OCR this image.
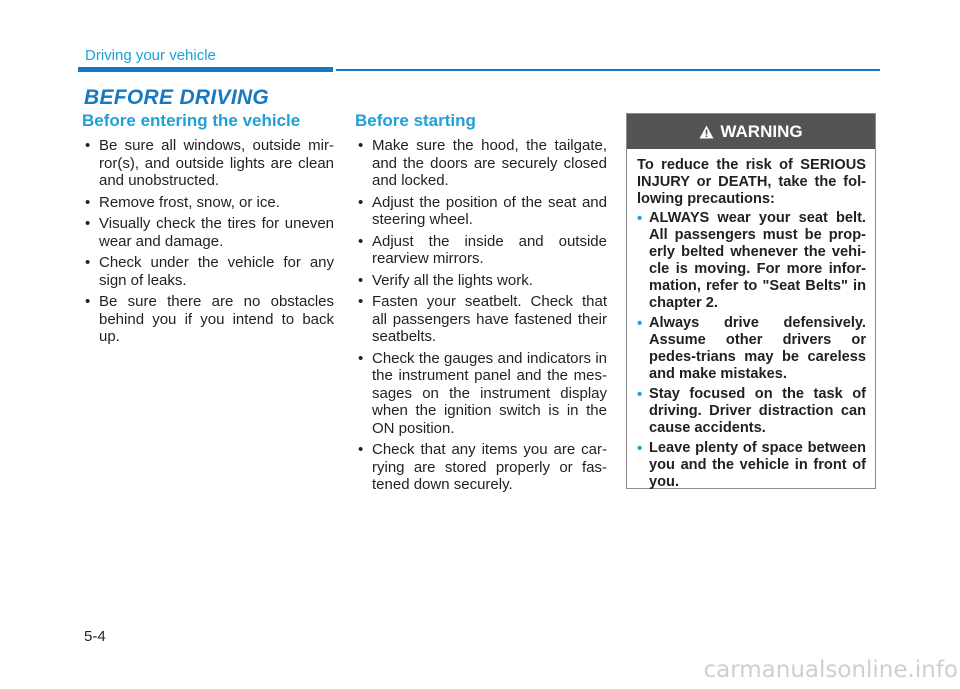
Driving your vehicle
BEFORE DRIVING
Before entering the vehicle
• Be sure all windows, outside mir-ror(s), and outside lights are clean and unobstructed.
• Remove frost, snow, or ice.
• Visually check the tires for uneven wear and damage.
• Check under the vehicle for any sign of leaks.
• Be sure there are no obstacles behind you if you intend to back up.
Before starting
• Make sure the hood, the tailgate, and the doors are securely closed and locked.
• Adjust the position of the seat and steering wheel.
• Adjust the inside and outside rearview mirrors.
• Verify all the lights work.
• Fasten your seatbelt. Check that all passengers have fastened their seatbelts.
• Check the gauges and indicators in the instrument panel and the mes-sages on the instrument display when the ignition switch is in the ON position.
• Check that any items you are car-rying are stored properly or fas-tened down securely.
WARNING

To reduce the risk of SERIOUS INJURY or DEATH, take the fol-lowing precautions:

• ALWAYS wear your seat belt. All passengers must be prop-erly belted whenever the vehi-cle is moving. For more infor-mation, refer to "Seat Belts" in chapter 2.
• Always drive defensively. Assume other drivers or pedes-trians may be careless and make mistakes.
• Stay focused on the task of driving. Driver distraction can cause accidents.
• Leave plenty of space between you and the vehicle in front of you.
5-4
carmanualsonline.info
